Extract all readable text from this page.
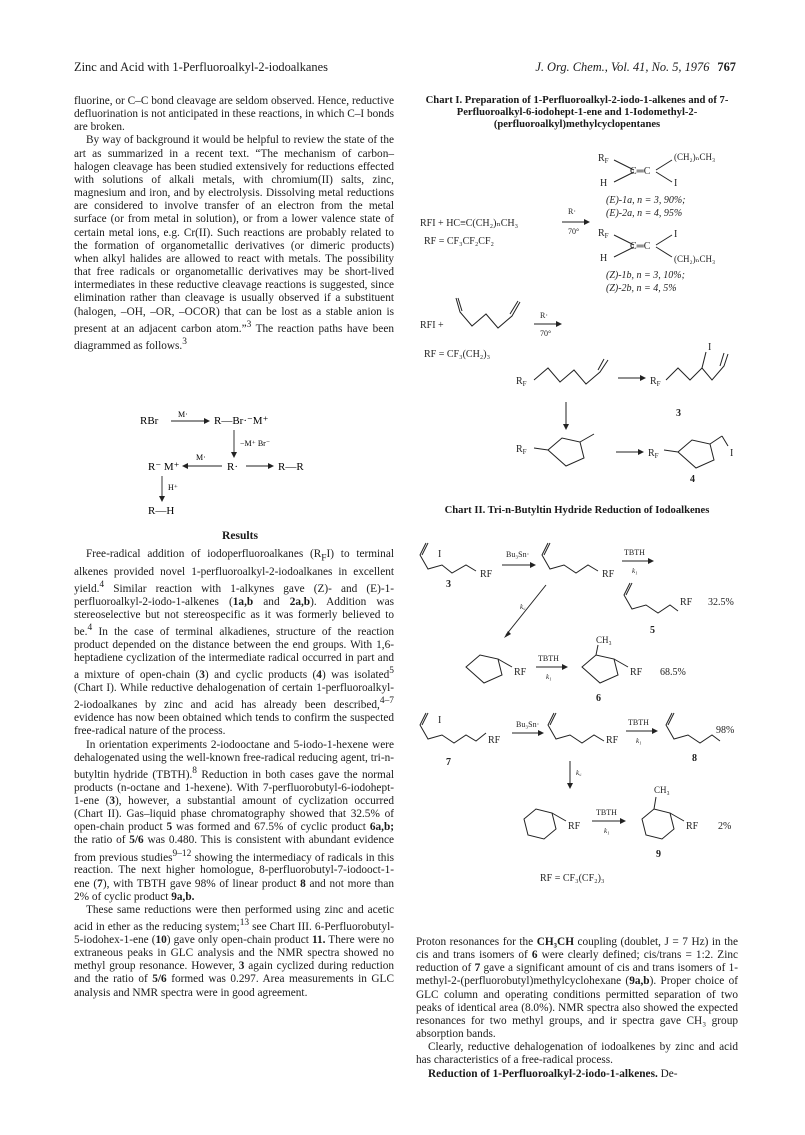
Zinc and Acid with 1-Perfluoroalkyl-2-iodoalkanes	J. Org. Chem., Vol. 41, No. 5, 1976 767

fluorine, or C–C bond cleavage are seldom observed. Hence, reductive defluorination is not anticipated in these reactions, in which C–I bonds are broken.

By way of background it would be helpful to review the state of the art as summarized in a recent text. “The mechanism of carbon–halogen cleavage has been studied extensively for reductions effected with solutions of alkali metals, with chromium(II) salts, zinc, magnesium and iron, and by electrolysis. Dissolving metal reductions are considered to involve transfer of an electron from the metal surface (or from metal in solution), or from a lower valence state of certain metal ions, e.g. Cr(II). Such reactions are probably related to the formation of organometallic derivatives (or dimeric products) when alkyl halides are allowed to react with metals. The possibility that free radicals or organometallic derivatives may be short-lived intermediates in these reductive cleavage reactions is suggested, since elimination rather than cleavage is usually observed if a substituent (halogen, –OH, –OR, –OCOR) that can be lost as a stable anion is present at an adjacent carbon atom.”$^3$ The reaction paths have been diagrammed as follows.$^3$

RBr
M·
R—Br·⁻M⁺
−M⁺ Br⁻
R⁻ M⁺
M·
R·	R—R
H⁺
R—H

Results

Free-radical addition of iodoperfluoroalkanes $(R_FI)$ to terminal alkenes provided novel 1-perfluoroalkyl-2-iodoalkanes in excellent yield.$^4$ Similar reaction with 1-alkynes gave (Z)- and (E)-1-perfluoroalkyl-2-iodo-1-alkenes (1a,b and 2a,b). Addition was stereoselective but not stereospecific as it was formerly believed to be.$^4$ In the case of terminal alkadienes, structure of the reaction product depended on the distance between the end groups. With 1,6-heptadiene cyclization of the intermediate radical occurred in part and a mixture of open-chain (3) and cyclic products (4) was isolated$^5$ (Chart I). While reductive dehalogenation of certain 1-perfluoroalkyl-2-iodoalkanes by zinc and acid has already been described,$^{4-7}$ evidence has now been obtained which tends to confirm the suspected free-radical nature of the process.

In orientation experiments 2-iodooctane and 5-iodo-1-hexene were dehalogenated using the well-known free-radical reducing agent, tri-n-butyltin hydride (TBTH).$^8$ Reduction in both cases gave the normal products (n-octane and 1-hexene). With 7-perfluorobutyl-6-iodohept-1-ene (3), however, a substantial amount of cyclization occurred (Chart II). Gas–liquid phase chromatography showed that 32.5% of open-chain product 5 was formed and 67.5% of cyclic product 6a,b; the ratio of 5/6 was 0.480. This is consistent with abundant evidence from previous studies$^{9-12}$ showing the intermediacy of radicals in this reaction. The next higher homologue, 8-perfluorobutyl-7-iodooct-1-ene (7), with TBTH gave 98% of linear product 8 and not more than 2% of cyclic product 9a,b.

These same reductions were then performed using zinc and acetic acid in ether as the reducing system;$^{13}$ see Chart III. 6-Perfluorobutyl-5-iodohex-1-ene (10) gave only open-chain product 11. There were no extraneous peaks in GLC analysis and the NMR spectra showed no methyl group resonance. However, 3 again cyclized during reduction and the ratio of 5/6 formed was 0.297. Area measurements in GLC analysis and NMR spectra were in good agreement.

Chart I. Preparation of 1-Perfluoroalkyl-2-iodo-1-alkenes and of 7-Perfluoroalkyl-6-iodohept-1-ene and 1-Iodomethyl-2-(perfluoroalkyl)methylcyclopentanes
$R_F$
H
C═C
(CH₂)ₙCH₃
I
(E)-1a, n = 3, 90%;
(E)-2a, n = 4, 95%
RFI + HC≡C(CH₂)ₙCH₃
R·
70°
RF = CF₃CF₂CF₂
$R_F$
H
C═C
I
(CH₂)ₙCH₃
(Z)-1b, n = 3, 10%;
(Z)-2b, n = 4, 5%
RFI +
R·
70°
RF = CF₃(CH₂)₃
$R_F$	$R_F$
I
3
$R_F$	$R_F$	I
4
Chart II. Tri-n-Butyltin Hydride Reduction of Iodoalkenes
I
RF
Bu₃Sn·
RF
TBTH
k₁
3
RF 32.5%
5
k꜀
CH₃
RF
TBTH
k₁	RF 68.5%
6
I
RF
Bu₃Sn·
RF
TBTH
k₁
98%
7	8
k꜀
RF
TBTH
k₁
CH₃
RF 2%
9
RF = CF₃(CF₂)₃

Proton resonances for the CH₃CH coupling (doublet, J = 7 Hz) in the cis and trans isomers of 6 were clearly defined; cis/trans = 1:2. Zinc reduction of 7 gave a significant amount of cis and trans isomers of 1-methyl-2-(perfluorobutyl)methylcyclohexane (9a,b). Proper choice of GLC column and operating conditions permitted separation of two peaks of identical area (8.0%). NMR spectra also showed the expected resonances for two methyl groups, and ir spectra gave CH₃ group absorption bands.

Clearly, reductive dehalogenation of iodoalkenes by zinc and acid has characteristics of a free-radical process.

Reduction of 1-Perfluoroalkyl-2-iodo-1-alkenes. De-
